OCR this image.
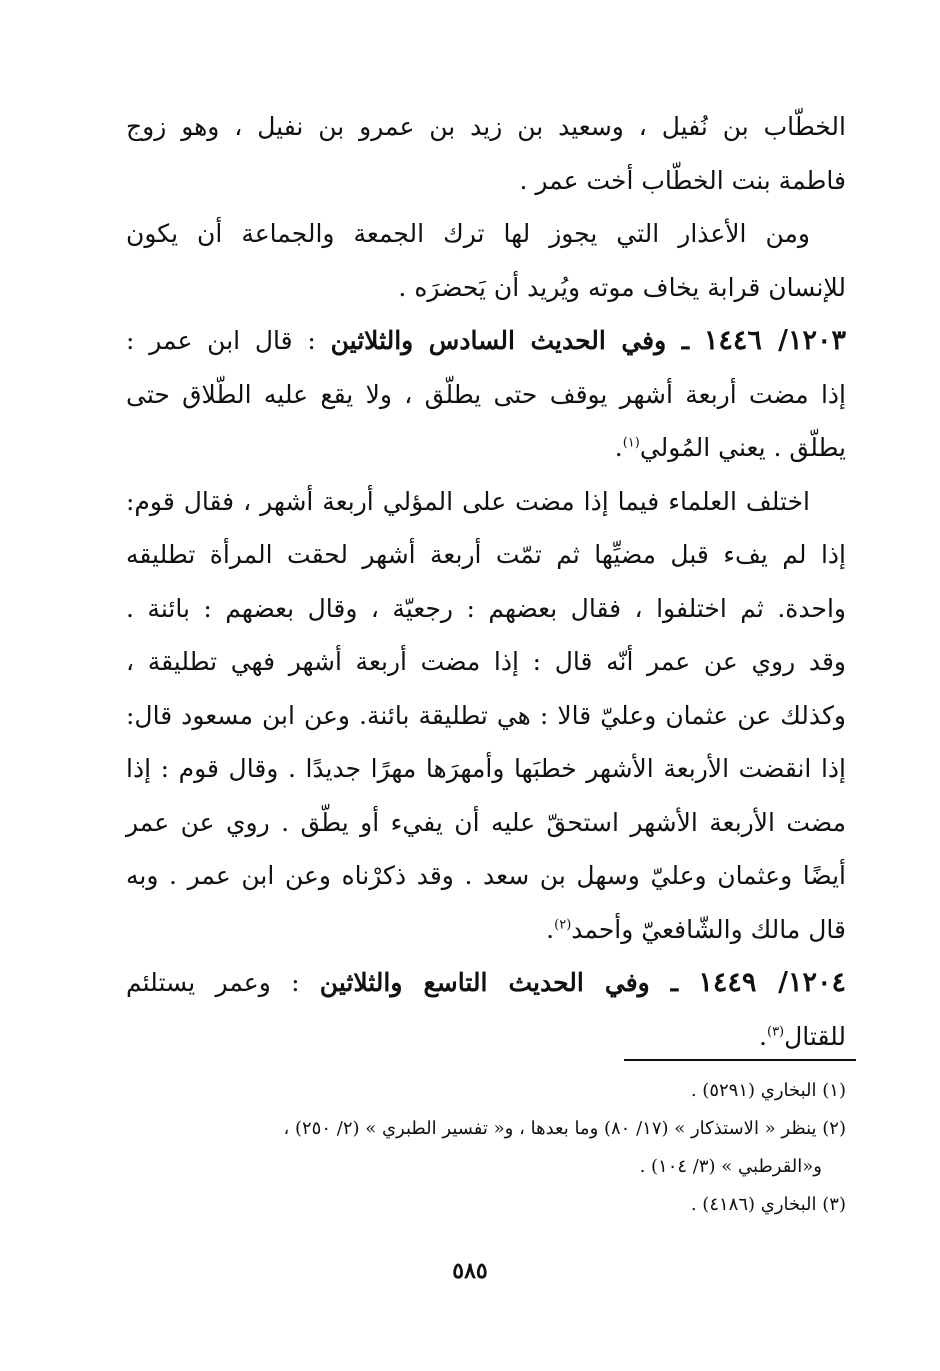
الخطّاب بن نُفيل ، وسعيد بن زيد بن عمرو بن نفيل ، وهو زوج
فاطمة بنت الخطّاب أخت عمر .

ومن الأعذار التي يجوز لها ترك الجمعة والجماعة أن يكون
للإنسان قرابة يخاف موته ويُريد أن يَحضرَه .

١٢٠٣/ ١٤٤٦ ـ وفي الحديث السادس والثلاثين : قال ابن عمر :
إذا مضت أربعة أشهر يوقف حتى يطلّق ، ولا يقع عليه الطّلاق حتى
يطلّق . يعني المُولي$^{(١)}$.

اختلف العلماء فيما إذا مضت على المؤلي أربعة أشهر ، فقال قوم:
إذا لم يفء قبل مضيِّها ثم تمّت أربعة أشهر لحقت المرأة تطليقه
واحدة. ثم اختلفوا ، فقال بعضهم : رجعيّة ، وقال بعضهم : بائنة .
وقد روي عن عمر أنّه قال : إذا مضت أربعة أشهر فهي تطليقة ،
وكذلك عن عثمان وعليّ قالا : هي تطليقة بائنة. وعن ابن مسعود قال:
إذا انقضت الأربعة الأشهر خطبَها وأمهرَها مهرًا جديدًا . وقال قوم : إذا
مضت الأربعة الأشهر استحقّ عليه أن يفيء أو يطّق . روي عن عمر
أيضًا وعثمان وعليّ وسهل بن سعد . وقد ذكرْناه وعن ابن عمر . وبه
قال مالك والشّافعيّ وأحمد$^{(٢)}$.

١٢٠٤/ ١٤٤٩ ـ وفي الحديث التاسع والثلاثين : وعمر يستلئم
للقتال$^{(٣)}$.

(١) البخاري (٥٢٩١) .
(٢) ينظر « الاستذكار » (١٧/ ٨٠) وما بعدها ، و« تفسير الطبري » (٢/ ٢٥٠) ،
و«القرطبي » (٣/ ١٠٤) .
(٣) البخاري (٤١٨٦) .
٥٨٥
